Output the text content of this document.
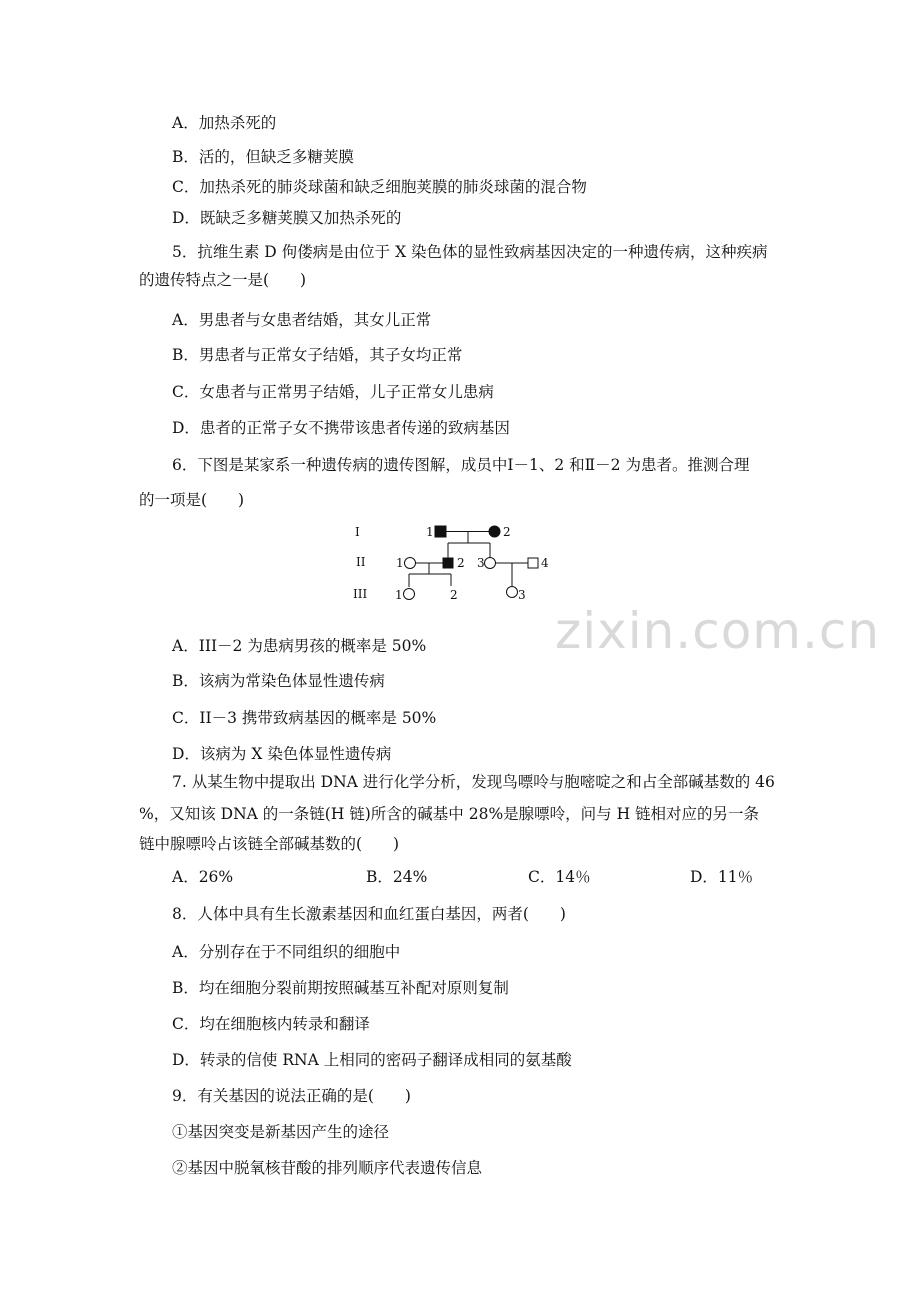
A．加热杀死的
B．活的，但缺乏多糖荚膜
C．加热杀死的肺炎球菌和缺乏细胞荚膜的肺炎球菌的混合物
D．既缺乏多糖荚膜又加热杀死的
5．抗维生素 D 佝偻病是由位于 X 染色体的显性致病基因决定的一种遗传病，这种疾病
的遗传特点之一是(　　)
A．男患者与女患者结婚，其女儿正常
B．男患者与正常女子结婚，其子女均正常
C．女患者与正常男子结婚，儿子正常女儿患病
D．患者的正常子女不携带该患者传递的致病基因
6．下图是某家系一种遗传病的遗传图解，成员中Ⅰ－1、2 和Ⅱ－2 为患者。推测合理
的一项是(　　)
I
II
III
1	2
1	2 3	4
1	2	3
zixin.com.cn
A．III－2 为患病男孩的概率是 50%
B．该病为常染色体显性遗传病
C．II－3 携带致病基因的概率是 50%
D．该病为 X 染色体显性遗传病
7. 从某生物中提取出 DNA 进行化学分析，发现鸟嘌呤与胞嘧啶之和占全部碱基数的 46
%，又知该 DNA 的一条链(H 链)所含的碱基中 28%是腺嘌呤，问与 H 链相对应的另一条
链中腺嘌呤占该链全部碱基数的(　　)
A．26%	B．24%	C．14％	D．11％
8．人体中具有生长激素基因和血红蛋白基因，两者(　　)
A．分别存在于不同组织的细胞中
B．均在细胞分裂前期按照碱基互补配对原则复制
C．均在细胞核内转录和翻译
D．转录的信使 RNA 上相同的密码子翻译成相同的氨基酸
9．有关基因的说法正确的是(　　)
①基因突变是新基因产生的途径
②基因中脱氧核苷酸的排列顺序代表遗传信息
